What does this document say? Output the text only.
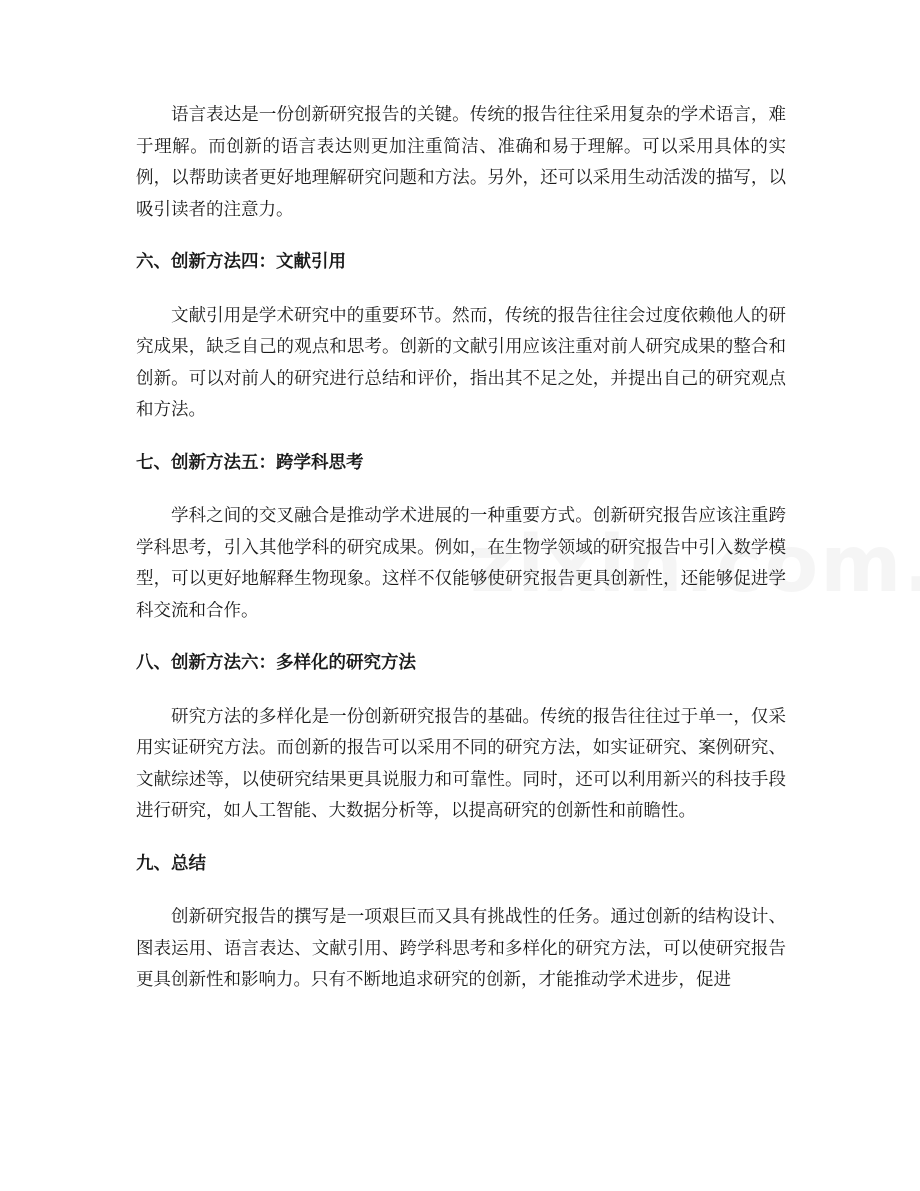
语言表达是一份创新研究报告的关键。传统的报告往往采用复杂的学术语言，难于理解。而创新的语言表达则更加注重简洁、准确和易于理解。可以采用具体的实例，以帮助读者更好地理解研究问题和方法。另外，还可以采用生动活泼的描写，以吸引读者的注意力。

六、创新方法四：文献引用

文献引用是学术研究中的重要环节。然而，传统的报告往往会过度依赖他人的研究成果，缺乏自己的观点和思考。创新的文献引用应该注重对前人研究成果的整合和创新。可以对前人的研究进行总结和评价，指出其不足之处，并提出自己的研究观点和方法。

七、创新方法五：跨学科思考

学科之间的交叉融合是推动学术进展的一种重要方式。创新研究报告应该注重跨学科思考，引入其他学科的研究成果。例如，在生物学领域的研究报告中引入数学模型，可以更好地解释生物现象。这样不仅能够使研究报告更具创新性，还能够促进学科交流和合作。

八、创新方法六：多样化的研究方法

研究方法的多样化是一份创新研究报告的基础。传统的报告往往过于单一，仅采用实证研究方法。而创新的报告可以采用不同的研究方法，如实证研究、案例研究、文献综述等，以使研究结果更具说服力和可靠性。同时，还可以利用新兴的科技手段进行研究，如人工智能、大数据分析等，以提高研究的创新性和前瞻性。

九、总结

创新研究报告的撰写是一项艰巨而又具有挑战性的任务。通过创新的结构设计、图表运用、语言表达、文献引用、跨学科思考和多样化的研究方法，可以使研究报告更具创新性和影响力。只有不断地追求研究的创新，才能推动学术进步，促进
